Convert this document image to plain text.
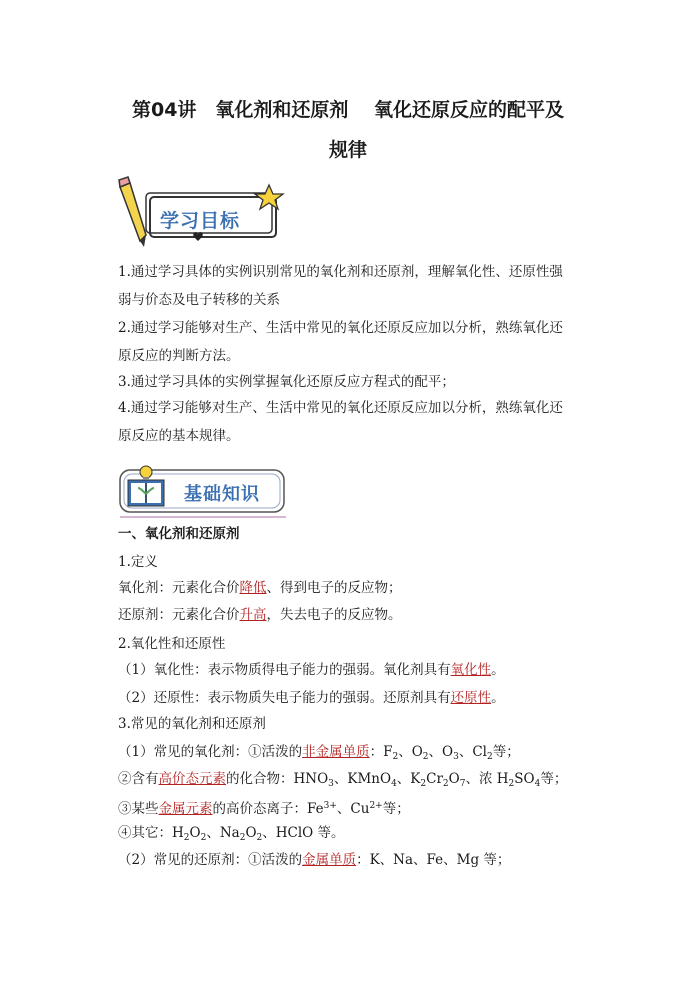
第04讲　氧化剂和还原剂　 氧化还原反应的配平及
规律
学习目标
1.通过学习具体的实例识别常见的氧化剂和还原剂，理解氧化性、还原性强
弱与价态及电子转移的关系
2.通过学习能够对生产、生活中常见的氧化还原反应加以分析，熟练氧化还
原反应的判断方法。
3.通过学习具体的实例掌握氧化还原反应方程式的配平；
4.通过学习能够对生产、生活中常见的氧化还原反应加以分析，熟练氧化还
原反应的基本规律。
基础知识
一、氧化剂和还原剂
1.定义
氧化剂：元素化合价降低、得到电子的反应物；
还原剂：元素化合价升高，失去电子的反应物。
2.氧化性和还原性
（1）氧化性：表示物质得电子能力的强弱。氧化剂具有氧化性。
（2）还原性：表示物质失电子能力的强弱。还原剂具有还原性。
3.常见的氧化剂和还原剂
（1）常见的氧化剂：①活泼的非金属单质：$F_2$、$O_2$、$O_3$、$Cl_2$等；
②含有高价态元素的化合物：$HNO_3$、KMnO$_4$、$K_2Cr_2O_7$、浓 $H_2SO_4$等；
③某些金属元素的高价态离子：$Fe^{3+}$、$Cu^{2+}$等；
④其它：$H_2O_2$、$Na_2O_2$、HClO 等。
（2）常见的还原剂：①活泼的金属单质：K、Na、Fe、Mg 等；
